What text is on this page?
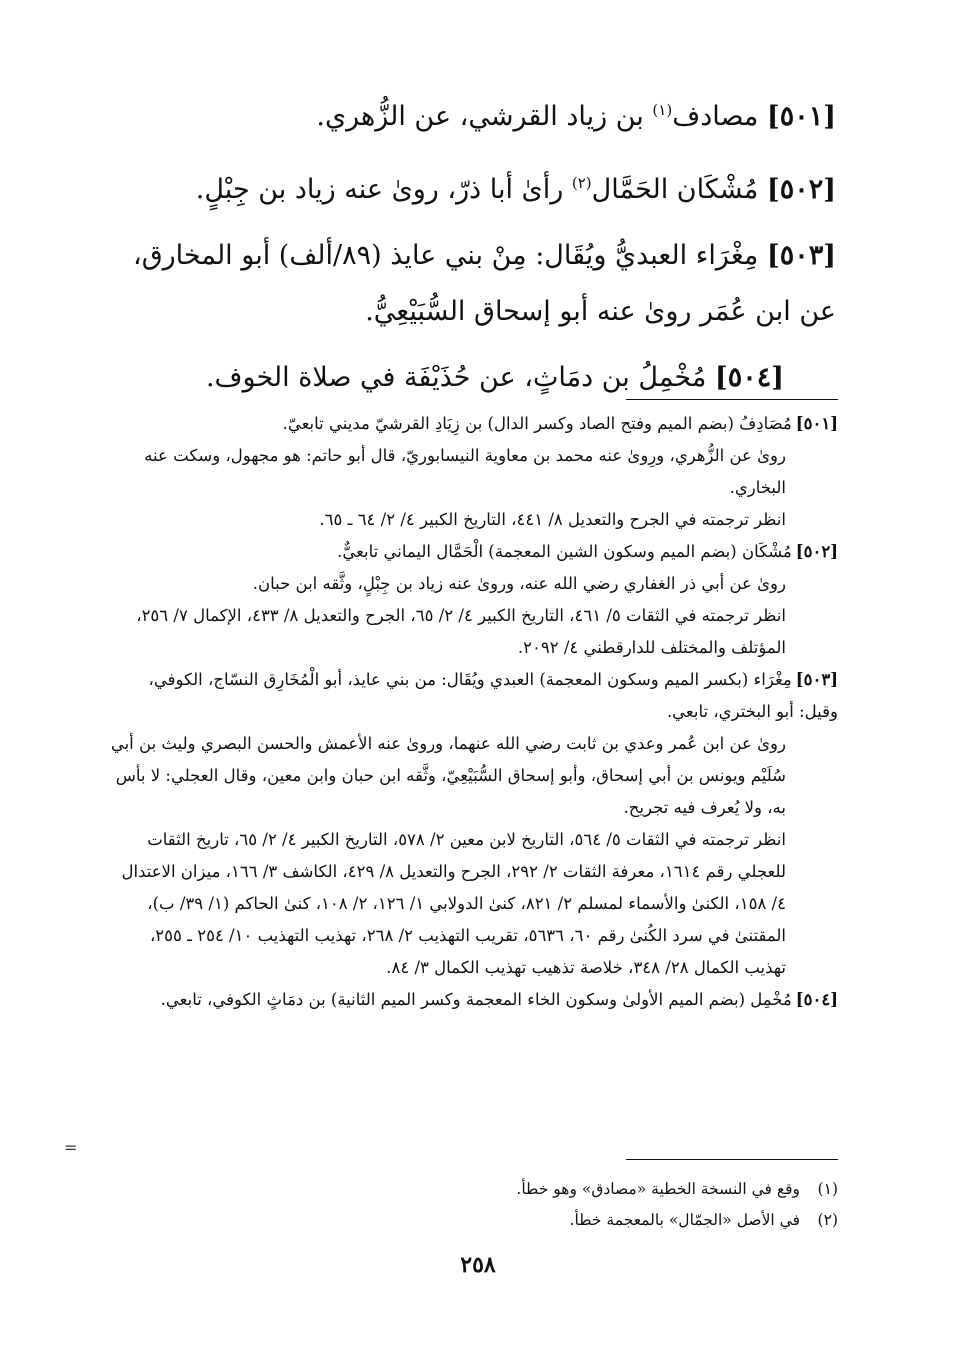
[٥٠١] مصادف$^{(١)}$ بن زياد القرشي، عن الزُّهري.

[٥٠٢] مُشْكَان الحَمَّال$^{(٢)}$ رأىٰ أبا ذرّ، روىٰ عنه زياد بن جِبْلٍ.

[٥٠٣] مِغْرَاء العبديُّ ويُقَال: مِنْ بني عايذ (٨٩/ألف) أبو المخارق، عن ابن عُمَر روىٰ عنه أبو إسحاق السُّبَيْعِيُّ.

[٥٠٤] مُخْمِلُ بن دمَاثٍ، عن حُذَيْفَة في صلاة الخوف.

[٥٠١]مُصَادِفُ (بضم الميم وفتح الصاد وكسر الدال) بن زِيَادِ القرشيّ مديني تابعيّ.
روىٰ عن الزُّهري، ورِوىٰ عنه محمد بن معاوية النيسابوريّ، قال أبو حاتم: هو مجهول، وسكت عنه البخاري.
انظر ترجمته في الجرح والتعديل ٨/ ٤٤١، التاريخ الكبير ٤/ ٢/ ٦٤ ـ ٦٥.
[٥٠٢]مُشْكَان (بضم الميم وسكون الشين المعجمة) الْحَمَّال اليماني تابعيٌّ.
روىٰ عن أبي ذر الغفاري رضي الله عنه، وروىٰ عنه زياد بن جِبْلٍ، وثَّقه ابن حبان.
انظر ترجمته في الثقات ٥/ ٤٦١، التاريخ الكبير ٤/ ٢/ ٦٥، الجرح والتعديل ٨/ ٤٣٣، الإكمال ٧/ ٢٥٦، المؤتلف والمختلف للدارقطني ٤/ ٢٠٩٢.
[٥٠٣]مِغْرَاء (بكسر الميم وسكون المعجمة) العبدي ويُقَال: من بني عايذ، أبو الْمُخَارِق النسّاج، الكوفي، وقيل: أبو البختري، تابعي.
روىٰ عن ابن عُمر وعدي بن ثابت رضي الله عنهما، وروىٰ عنه الأعمش والحسن البصري وليث بن أبي سُلَيْم ويونس بن أبي إسحاق، وأبو إسحاق السُّبَيْعِيّ، وثَّقه ابن حبان وابن معين، وقال العجلي: لا بأس به، ولا يُعرف فيه تجريح.
انظر ترجمته في الثقات ٥/ ٥٦٤، التاريخ لابن معين ٢/ ٥٧٨، التاريخ الكبير ٤/ ٢/ ٦٥، تاريخ الثقات للعجلي رقم ١٦١٤، معرفة الثقات ٢/ ٢٩٢، الجرح والتعديل ٨/ ٤٢٩، الكاشف ٣/ ١٦٦، ميزان الاعتدال ٤/ ١٥٨، الكنىٰ والأسماء لمسلم ٢/ ٨٢١، كنىٰ الدولابي ١/ ١٢٦، ٢/ ١٠٨، كنىٰ الحاكم (١/ ٣٩/ ب)، المقتنىٰ في سرد الكُنىٰ رقم ٦٠، ٥٦٣٦، تقريب التهذيب ٢/ ٢٦٨، تهذيب التهذيب ١٠/ ٢٥٤ ـ ٢٥٥، تهذيب الكمال ٢٨/ ٣٤٨، خلاصة تذهيب تهذيب الكمال ٣/ ٨٤.
[٥٠٤]مُخْمِل (بضم الميم الأولىٰ وسكون الخاء المعجمة وكسر الميم الثانية) بن دمَاثٍ الكوفي، تابعي.
=
(١)وقع في النسخة الخطية «مصادق» وهو خطأ.
(٢)في الأصل «الجمّال» بالمعجمة خطأ.
٢٥٨
